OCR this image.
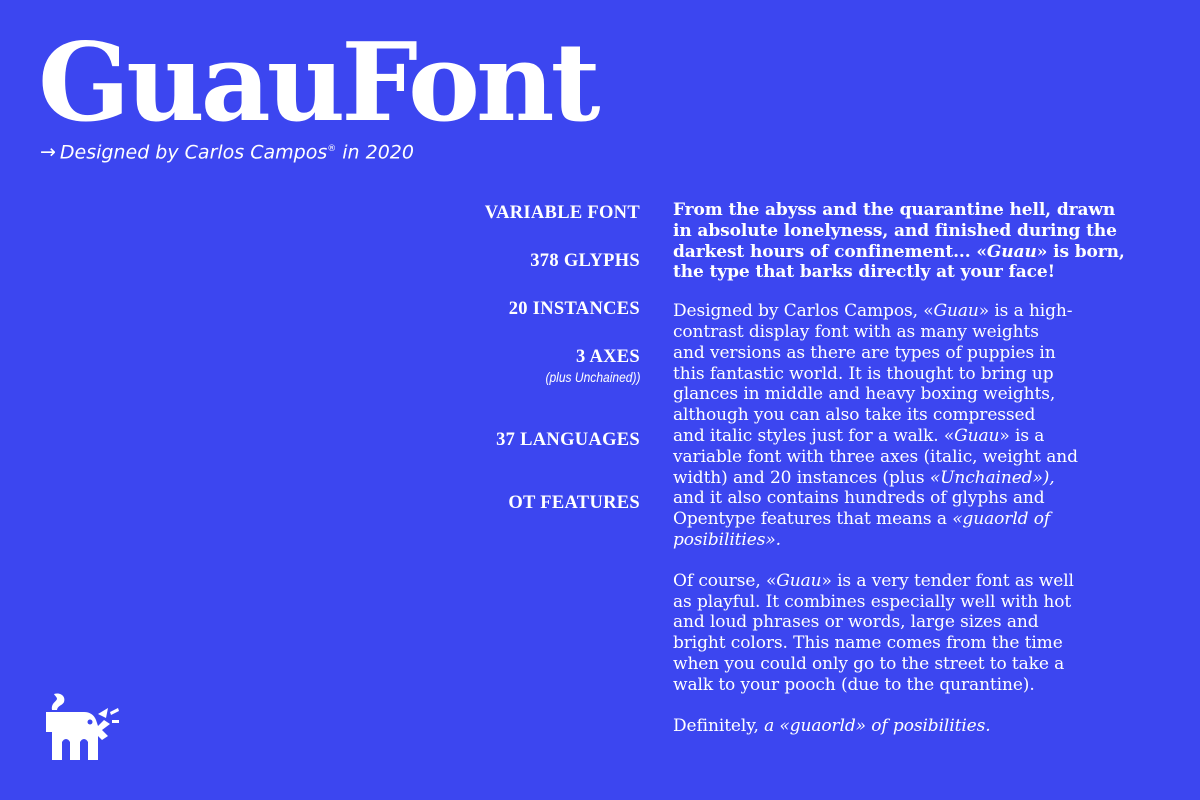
GuauFont
→ Designed by Carlos Campos® in 2020
VARIABLE FONT
378 GLYPHS
20 INSTANCES
3 AXES
(plus Unchained))
37 LANGUAGES
OT FEATURES

From the abyss and the quarantine hell, drawn
in absolute lonelyness, and finished during the
darkest hours of confinement... «Guau» is born,
the type that barks directly at your face!

Designed by Carlos Campos, «Guau» is a high-
contrast display font with as many weights
and versions as there are types of puppies in
this fantastic world. It is thought to bring up
glances in middle and heavy boxing weights,
although you can also take its compressed
and italic styles just for a walk. «Guau» is a
variable font with three axes (italic, weight and
width) and 20 instances (plus «Unchained»),
and it also contains hundreds of glyphs and
Opentype features that means a «guaorld of
posibilities».

Of course, «Guau» is a very tender font as well
as playful. It combines especially well with hot
and loud phrases or words, large sizes and
bright colors. This name comes from the time
when you could only go to the street to take a
walk to your pooch (due to the qurantine).

Definitely, a «guaorld» of posibilities.
